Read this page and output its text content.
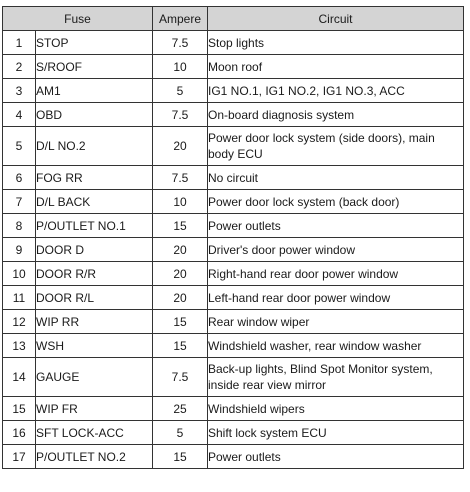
Fuse		Ampere	Circuit
1	STOP	7.5	Stop lights
2	S/ROOF	10	Moon roof
3	AM1	5	IG1 NO.1, IG1 NO.2, IG1 NO.3, ACC
4	OBD	7.5	On-board diagnosis system
5	D/L NO.2	20	Power door lock system (side doors), main body ECU
6	FOG RR	7.5	No circuit
7	D/L BACK	10	Power door lock system (back door)
8	P/OUTLET NO.1	15	Power outlets
9	DOOR D	20	Driver's door power window
10	DOOR R/R	20	Right-hand rear door power window
11	DOOR R/L	20	Left-hand rear door power window
12	WIP RR	15	Rear window wiper
13	WSH	15	Windshield washer, rear window washer
14	GAUGE	7.5	Back-up lights, Blind Spot Monitor system, inside rear view mirror
15	WIP FR	25	Windshield wipers
16	SFT LOCK-ACC	5	Shift lock system ECU
17	P/OUTLET NO.2	15	Power outlets
